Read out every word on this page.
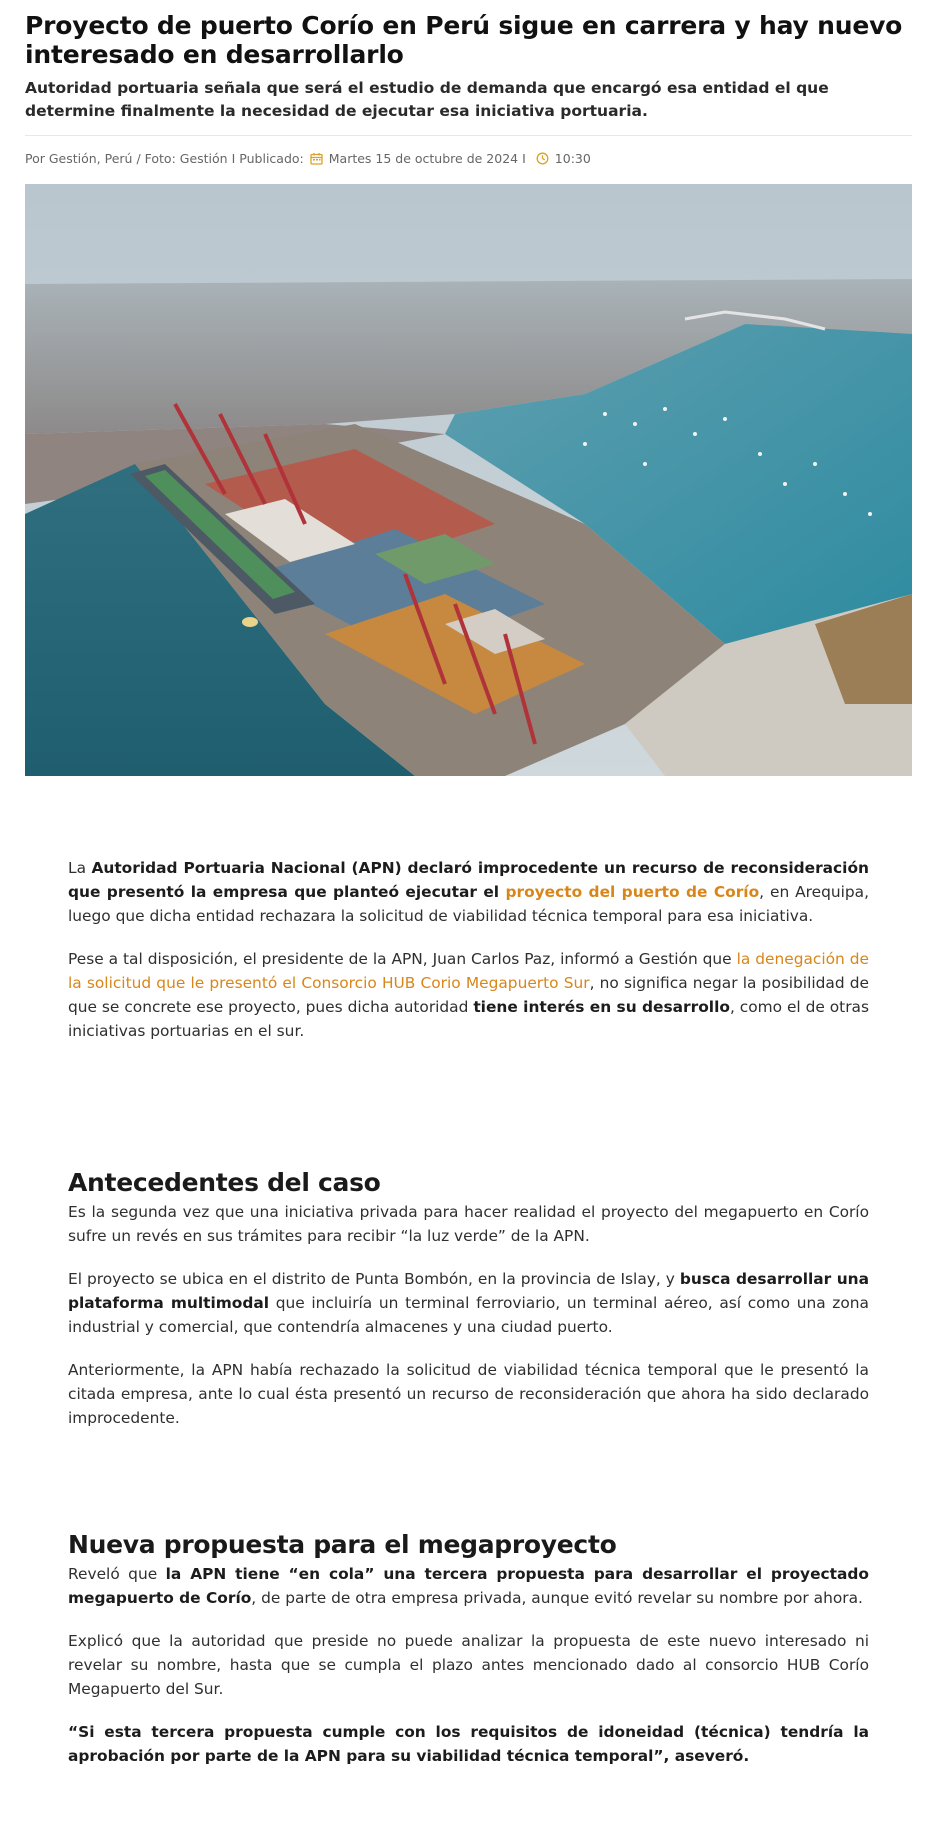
Proyecto de puerto Corío en Perú sigue en carrera y hay nuevo interesado en desarrollarlo
Autoridad portuaria señala que será el estudio de demanda que encargó esa entidad el que determine finalmente la necesidad de ejecutar esa iniciativa portuaria.
Por Gestión, Perú / Foto: Gestión I Publicado: Martes 15 de octubre de 2024 I 10:30

La Autoridad Portuaria Nacional (APN) declaró improcedente un recurso de reconsideración que presentó la empresa que planteó ejecutar el proyecto del puerto de Corío, en Arequipa, luego que dicha entidad rechazara la solicitud de viabilidad técnica temporal para esa iniciativa.

Pese a tal disposición, el presidente de la APN, Juan Carlos Paz, informó a Gestión que la denegación de la solicitud que le presentó el Consorcio HUB Corio Megapuerto Sur, no significa negar la posibilidad de que se concrete ese proyecto, pues dicha autoridad tiene interés en su desarrollo, como el de otras iniciativas portuarias en el sur.

Antecedentes del caso

Es la segunda vez que una iniciativa privada para hacer realidad el proyecto del megapuerto en Corío sufre un revés en sus trámites para recibir “la luz verde” de la APN.

El proyecto se ubica en el distrito de Punta Bombón, en la provincia de Islay, y busca desarrollar una plataforma multimodal que incluiría un terminal ferroviario, un terminal aéreo, así como una zona industrial y comercial, que contendría almacenes y una ciudad puerto.

Anteriormente, la APN había rechazado la solicitud de viabilidad técnica temporal que le presentó la citada empresa, ante lo cual ésta presentó un recurso de reconsideración que ahora ha sido declarado improcedente.

Nueva propuesta para el megaproyecto

Reveló que la APN tiene “en cola” una tercera propuesta para desarrollar el proyectado megapuerto de Corío, de parte de otra empresa privada, aunque evitó revelar su nombre por ahora.

Explicó que la autoridad que preside no puede analizar la propuesta de este nuevo interesado ni revelar su nombre, hasta que se cumpla el plazo antes mencionado dado al consorcio HUB Corío Megapuerto del Sur.

“Si esta tercera propuesta cumple con los requisitos de idoneidad (técnica) tendría la aprobación por parte de la APN para su viabilidad técnica temporal”, aseveró.
